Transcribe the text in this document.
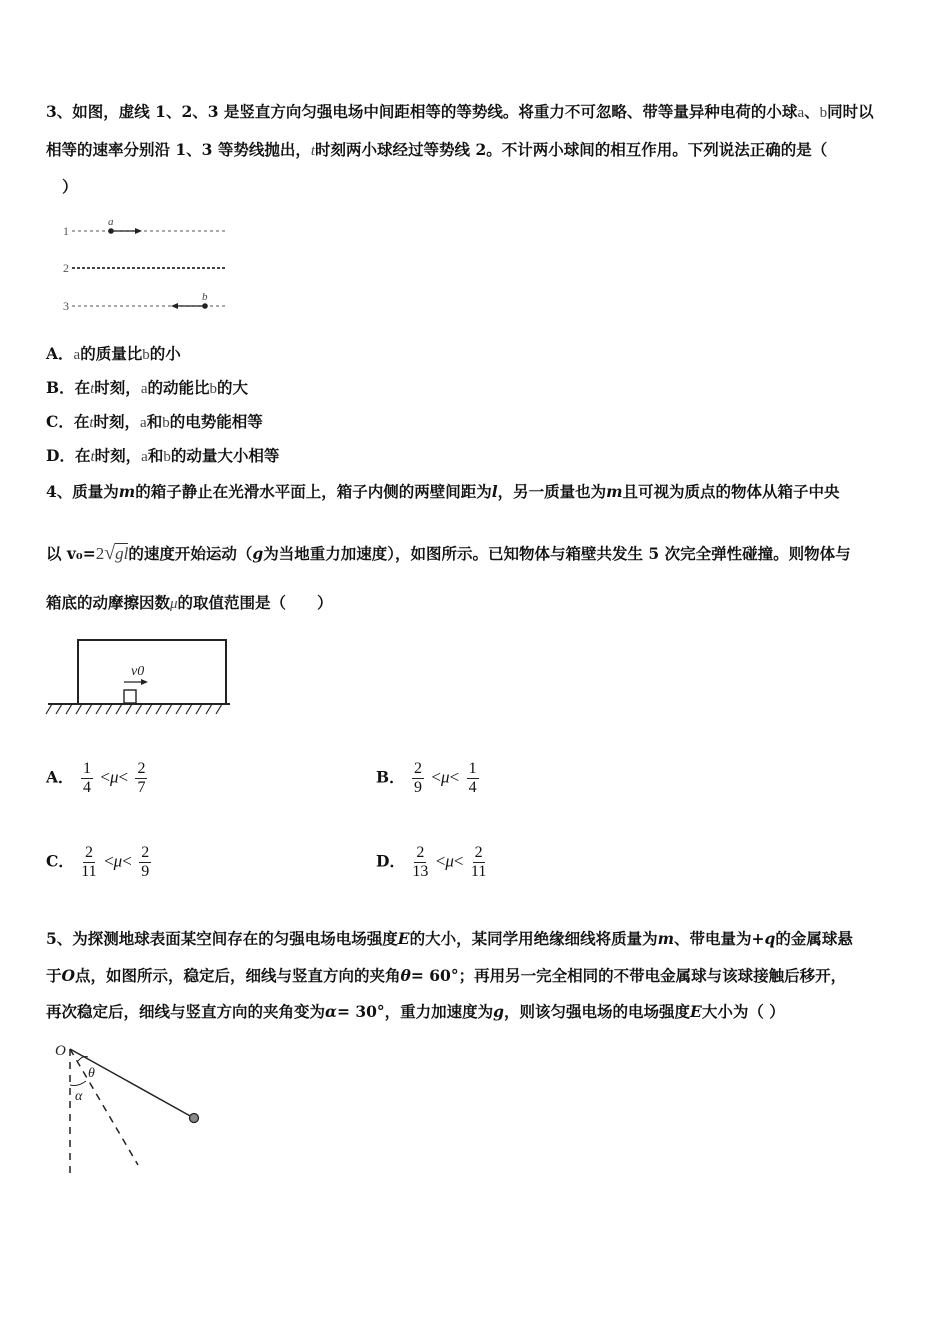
3、如图，虚线 1、2、3 是竖直方向匀强电场中间距相等的等势线。将重力不可忽略、带等量异种电荷的小球a、b同时以
相等的速率分别沿 1、3 等势线抛出，t时刻两小球经过等势线 2。不计两小球间的相互作用。下列说法正确的是（
）
1
a
2
3
b
A．a的质量比b的小
B．在t时刻，a的动能比b的大
C．在t时刻，a和b的电势能相等
D．在t时刻，a和b的动量大小相等
4、质量为m的箱子静止在光滑水平面上，箱子内侧的两壁间距为l，另一质量也为m且可视为质点的物体从箱子中央
以 v₀=2√gl的速度开始运动（g为当地重力加速度），如图所示。已知物体与箱壁共发生 5 次完全弹性碰撞。则物体与
箱底的动摩擦因数μ的取值范围是（　　）
v0
A． $\frac{1}{4} <\mu< \frac{2}{7}$	B． $\frac{2}{9} <\mu< \frac{1}{4}$
C． $\frac{2}{11} <\mu< \frac{2}{9}$	D． $\frac{2}{13} <\mu< \frac{2}{11}$
5、为探测地球表面某空间存在的匀强电场电场强度E的大小，某同学用绝缘细线将质量为m、带电量为+q的金属球悬
于O点，如图所示，稳定后，细线与竖直方向的夹角θ= 60°；再用另一完全相同的不带电金属球与该球接触后移开，
再次稳定后，细线与竖直方向的夹角变为α= 30°，重力加速度为g，则该匀强电场的电场强度E大小为（ ）
O
θ
α
